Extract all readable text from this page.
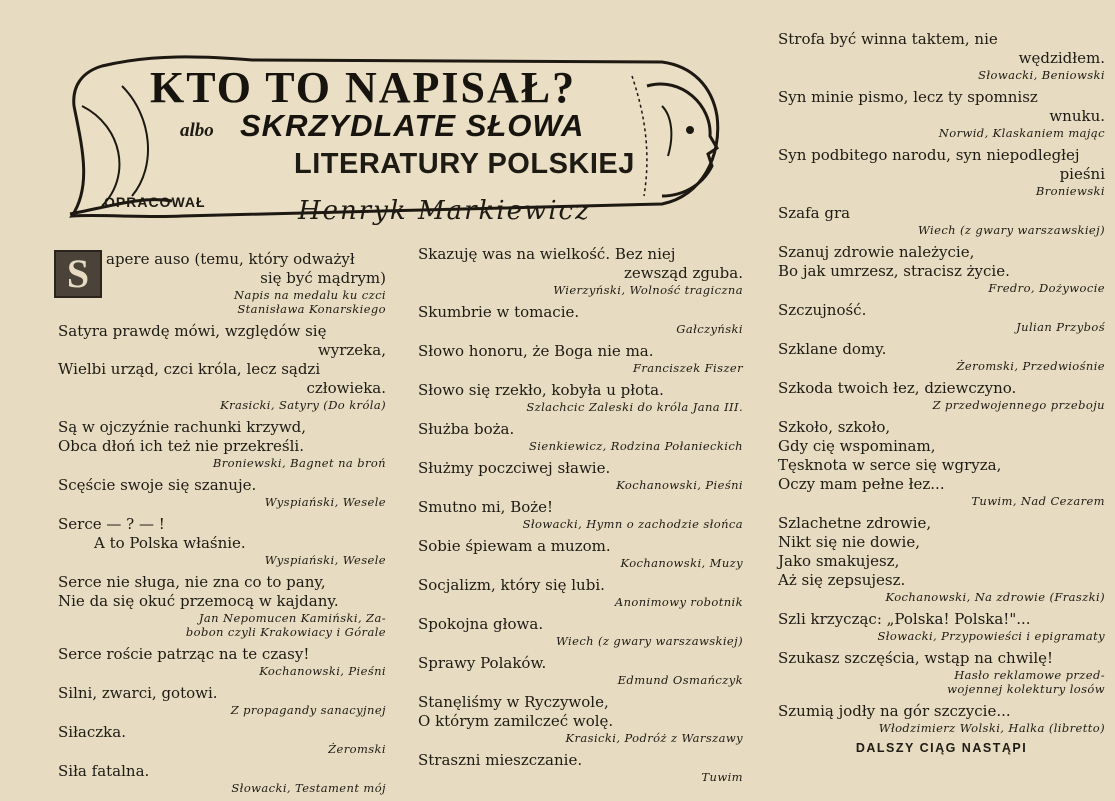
KTO TO NAPISAŁ?
albo SKRZYDLATE SŁOWA
LITERATURY POLSKIEJ
OPRACOWAŁ	Henryk Markiewicz
S	apere auso (temu, który odważył
się być mądrym)
Napis na medalu ku czci
Stanisława Konarskiego
Satyra prawdę mówi, względów się
wyrzeka,
Wielbi urząd, czci króla, lecz sądzi
człowieka.
Krasicki, Satyry (Do króla)
Są w ojczyźnie rachunki krzywd,
Obca dłoń ich też nie przekreśli.
Broniewski, Bagnet na broń
Scęście swoje się szanuje.
Wyspiański, Wesele
Serce — ? — !
A to Polska właśnie.
Wyspiański, Wesele
Serce nie sługa, nie zna co to pany,
Nie da się okuć przemocą w kajdany.
Jan Nepomucen Kamiński, Za-
bobon czyli Krakowiacy i Górale
Serce roście patrząc na te czasy!
Kochanowski, Pieśni
Silni, zwarci, gotowi.
Z propagandy sanacyjnej
Siłaczka.
Żeromski
Siła fatalna.
Słowacki, Testament mój
Skazuję was na wielkość. Bez niej
zewsząd zguba.
Wierzyński, Wolność tragiczna
Skumbrie w tomacie.
Gałczyński
Słowo honoru, że Boga nie ma.
Franciszek Fiszer
Słowo się rzekło, kobyła u płota.
Szlachcic Zaleski do króla Jana III.
Służba boża.
Sienkiewicz, Rodzina Połanieckich
Służmy poczciwej sławie.
Kochanowski, Pieśni
Smutno mi, Boże!
Słowacki, Hymn o zachodzie słońca
Sobie śpiewam a muzom.
Kochanowski, Muzy
Socjalizm, który się lubi.
Anonimowy robotnik
Spokojna głowa.
Wiech (z gwary warszawskiej)
Sprawy Polaków.
Edmund Osmańczyk
Stanęliśmy w Ryczywole,
O którym zamilczeć wolę.
Krasicki, Podróż z Warszawy
Straszni mieszczanie.
Tuwim
Strofa być winna taktem, nie
wędzidłem.
Słowacki, Beniowski
Syn minie pismo, lecz ty spomnisz
wnuku.
Norwid, Klaskaniem mając
Syn podbitego narodu, syn niepodległej
pieśni
Broniewski
Szafa gra
Wiech (z gwary warszawskiej)
Szanuj zdrowie należycie,
Bo jak umrzesz, stracisz życie.
Fredro, Dożywocie
Szczujność.
Julian Przyboś
Szklane domy.
Żeromski, Przedwiośnie
Szkoda twoich łez, dziewczyno.
Z przedwojennego przeboju
Szkoło, szkoło,
Gdy cię wspominam,
Tęsknota w serce się wgryza,
Oczy mam pełne łez...
Tuwim, Nad Cezarem
Szlachetne zdrowie,
Nikt się nie dowie,
Jako smakujesz,
Aż się zepsujesz.
Kochanowski, Na zdrowie (Fraszki)
Szli krzycząc: „Polska! Polska!"...
Słowacki, Przypowieści i epigramaty
Szukasz szczęścia, wstąp na chwilę!
Hasło reklamowe przed-
wojennej kolektury losów
Szumią jodły na gór szczycie...
Włodzimierz Wolski, Halka (libretto)
DALSZY CIĄG NASTĄPI
